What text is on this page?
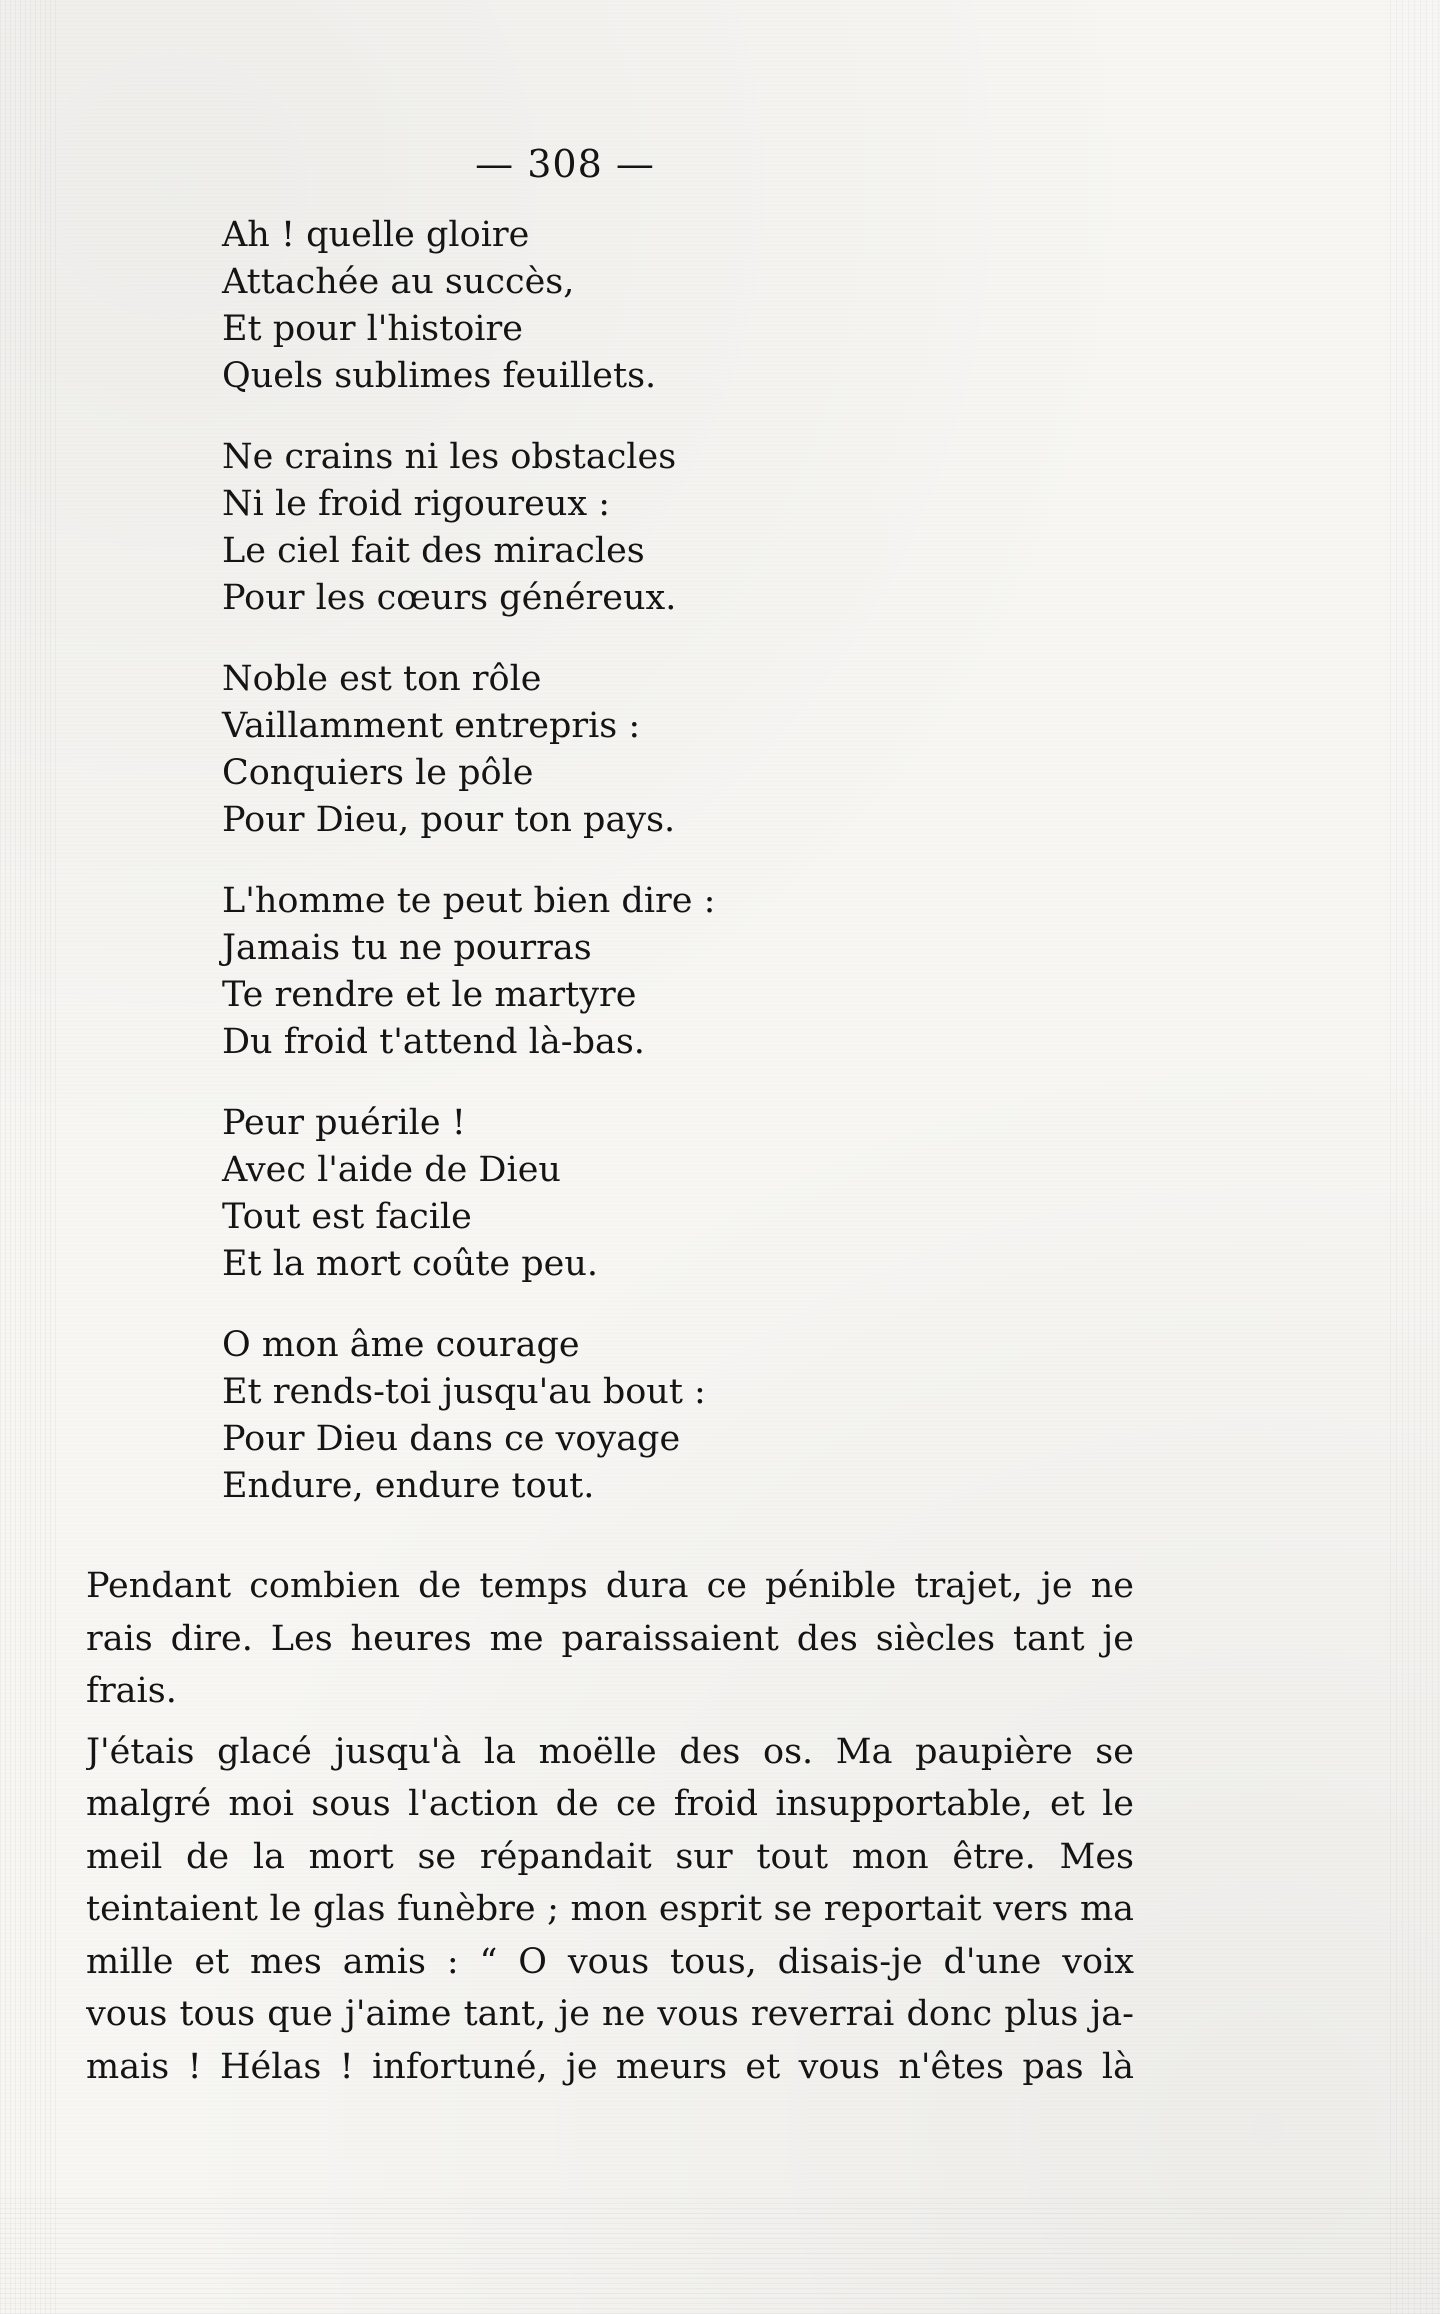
— 308 —
Ah ! quelle gloire
Attachée au succès,
Et pour l'histoire
Quels sublimes feuillets.
Ne crains ni les obstacles
Ni le froid rigoureux :
Le ciel fait des miracles
Pour les cœurs généreux.
Noble est ton rôle
Vaillamment entrepris :
Conquiers le pôle
Pour Dieu, pour ton pays.
L'homme te peut bien dire :
Jamais tu ne pourras
Te rendre et le martyre
Du froid t'attend là-bas.
Peur puérile !
Avec l'aide de Dieu
Tout est facile
Et la mort coûte peu.
O mon âme courage
Et rends-toi jusqu'au bout :
Pour Dieu dans ce voyage
Endure, endure tout.

Pendant combien de temps dura ce pénible trajet, je ne
rais dire. Les heures me paraissaient des siècles tant je
frais.

J'étais glacé jusqu'à la moëlle des os. Ma paupière se
malgré moi sous l'action de ce froid insupportable, et le
meil de la mort se répandait sur tout mon être. Mes
teintaient le glas funèbre ; mon esprit se reportait vers ma
mille et mes amis : “ O vous tous, disais-je d'une voix
vous tous que j'aime tant, je ne vous reverrai donc plus ja-
mais ! Hélas ! infortuné, je meurs et vous n'êtes pas là
